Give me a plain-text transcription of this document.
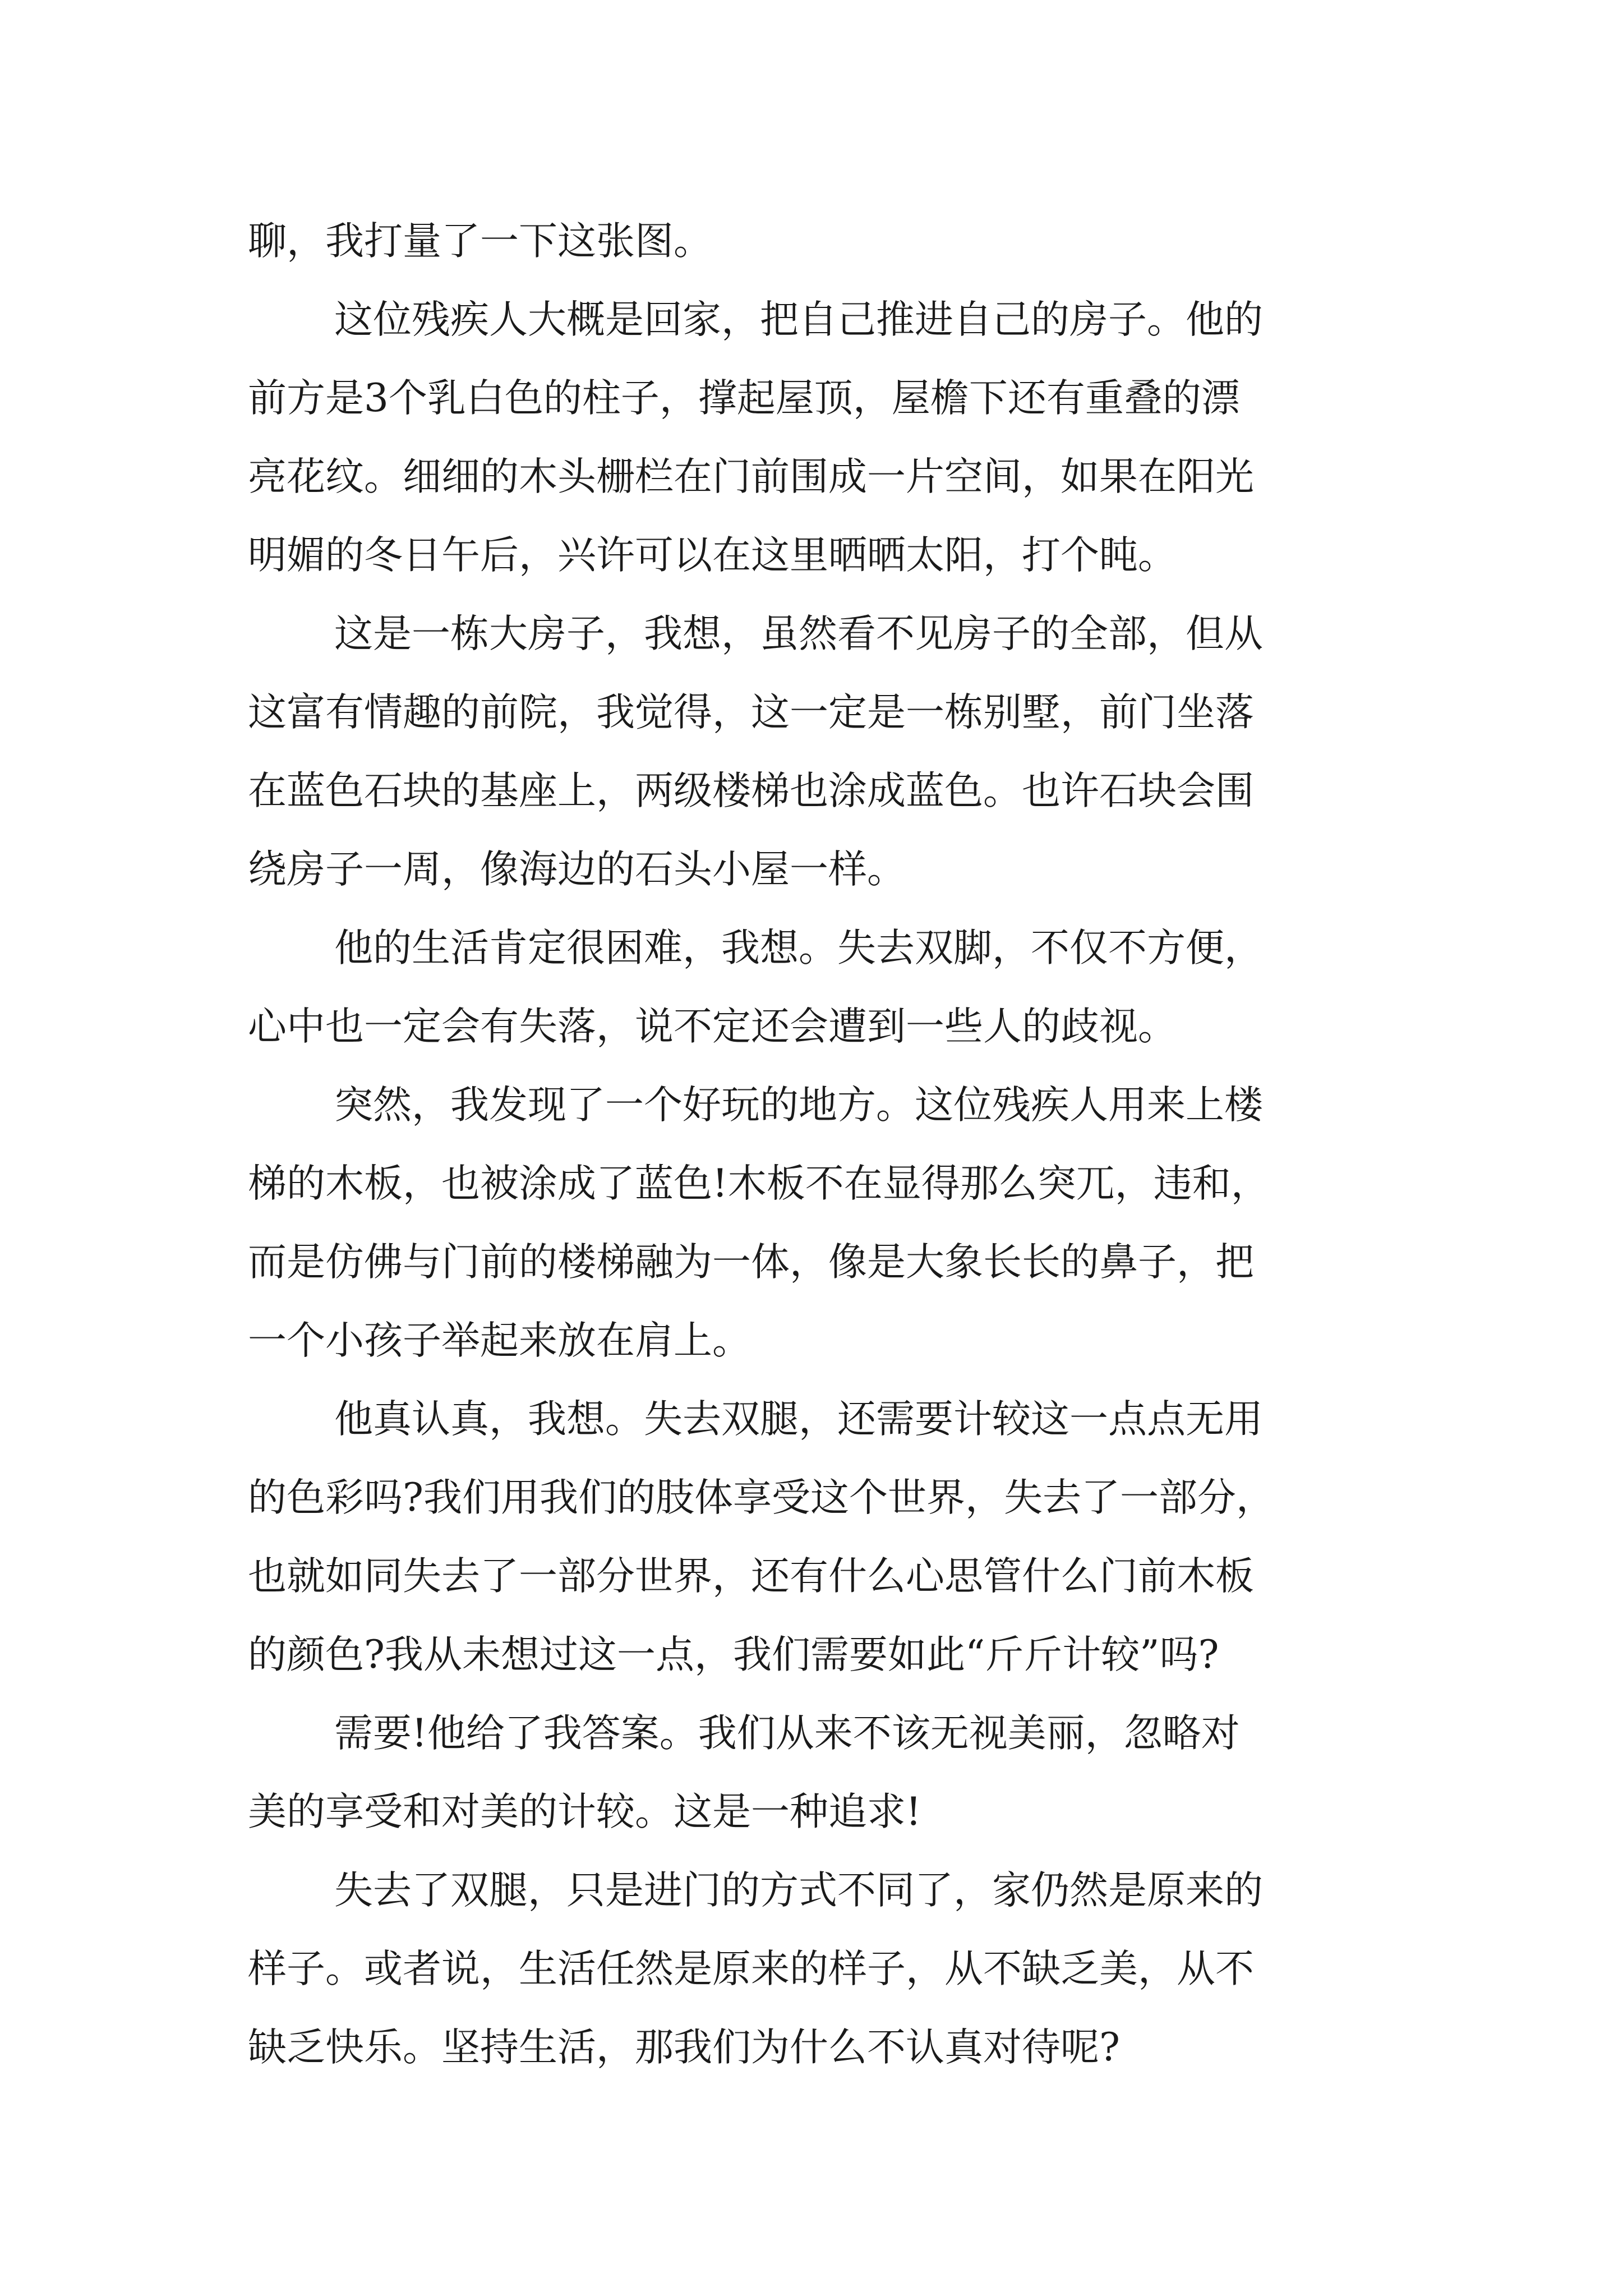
聊，我打量了一下这张图。

这位残疾人大概是回家，把自己推进自己的房子。他的

前方是3个乳白色的柱子，撑起屋顶，屋檐下还有重叠的漂

亮花纹。细细的木头栅栏在门前围成一片空间，如果在阳光

明媚的冬日午后，兴许可以在这里晒晒太阳，打个盹。

这是一栋大房子，我想，虽然看不见房子的全部，但从

这富有情趣的前院，我觉得，这一定是一栋别墅，前门坐落

在蓝色石块的基座上，两级楼梯也涂成蓝色。也许石块会围

绕房子一周，像海边的石头小屋一样。

他的生活肯定很困难，我想。失去双脚，不仅不方便，

心中也一定会有失落，说不定还会遭到一些人的歧视。

突然，我发现了一个好玩的地方。这位残疾人用来上楼

梯的木板，也被涂成了蓝色!木板不在显得那么突兀，违和，

而是仿佛与门前的楼梯融为一体，像是大象长长的鼻子，把

一个小孩子举起来放在肩上。

他真认真，我想。失去双腿，还需要计较这一点点无用

的色彩吗?我们用我们的肢体享受这个世界，失去了一部分，

也就如同失去了一部分世界，还有什么心思管什么门前木板

的颜色?我从未想过这一点，我们需要如此“斤斤计较”吗?

需要!他给了我答案。我们从来不该无视美丽，忽略对

美的享受和对美的计较。这是一种追求!

失去了双腿，只是进门的方式不同了，家仍然是原来的

样子。或者说，生活任然是原来的样子，从不缺乏美，从不

缺乏快乐。坚持生活，那我们为什么不认真对待呢?
